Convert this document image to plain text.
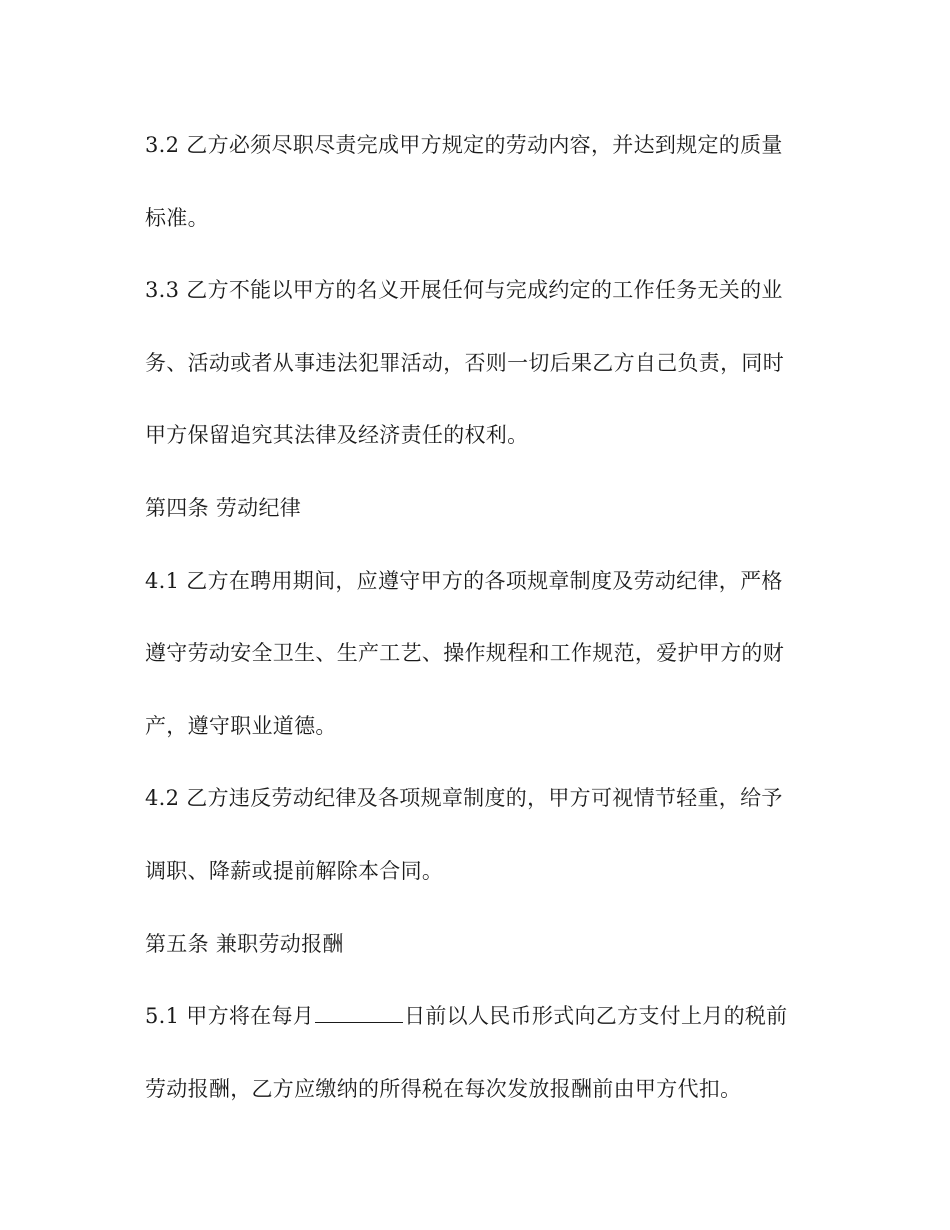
3.2 乙方必须尽职尽责完成甲方规定的劳动内容，并达到规定的质量
标准。
3.3 乙方不能以甲方的名义开展任何与完成约定的工作任务无关的业
务、活动或者从事违法犯罪活动，否则一切后果乙方自己负责，同时
甲方保留追究其法律及经济责任的权利。
第四条 劳动纪律
4.1 乙方在聘用期间，应遵守甲方的各项规章制度及劳动纪律，严格
遵守劳动安全卫生、生产工艺、操作规程和工作规范，爱护甲方的财
产，遵守职业道德。
4.2 乙方违反劳动纪律及各项规章制度的，甲方可视情节轻重，给予
调职、降薪或提前解除本合同。
第五条 兼职劳动报酬
5.1 甲方将在每月	日前以人民币形式向乙方支付上月的税前
劳动报酬，乙方应缴纳的所得税在每次发放报酬前由甲方代扣。
